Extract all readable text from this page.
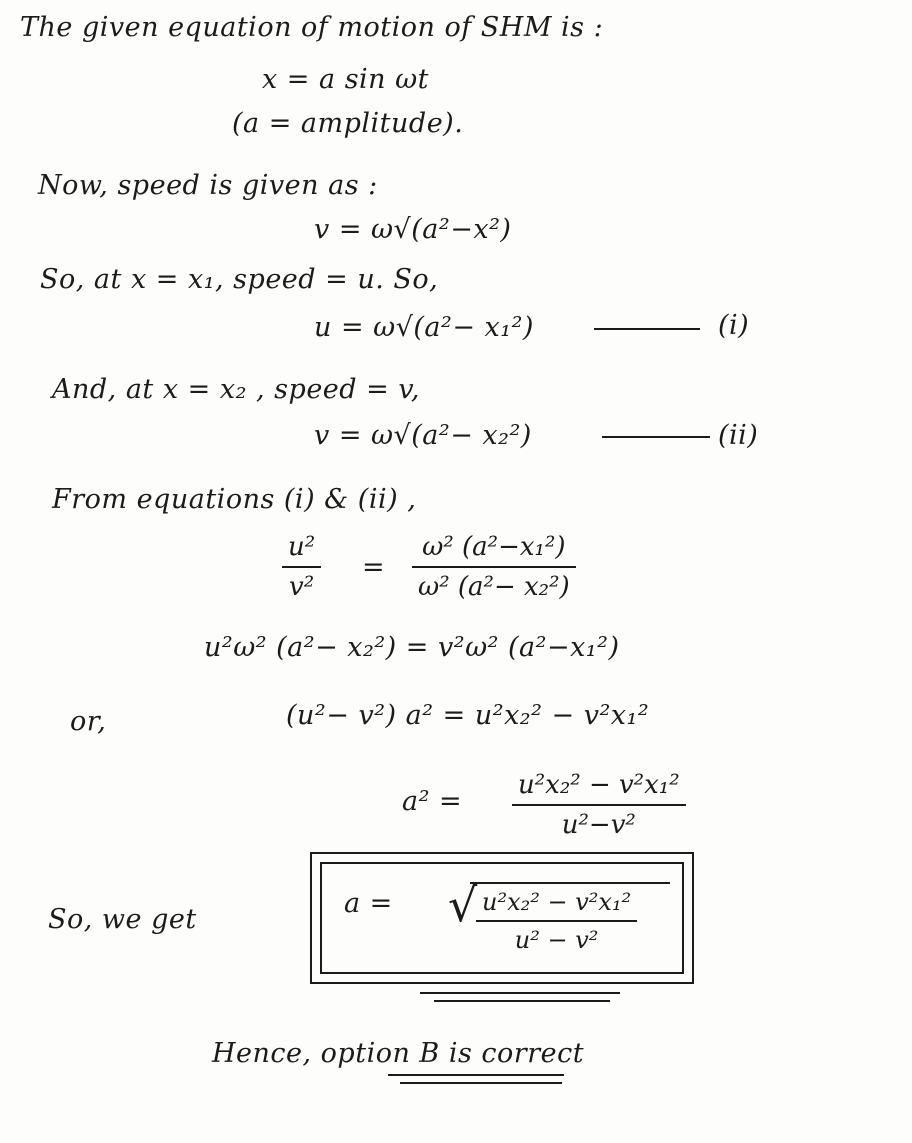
The given equation of motion of SHM is :
x = a sin ωt
(a = amplitude).
Now, speed is given as :
v = ω√(a²−x²)
So, at x = x₁, speed = u. So,
u = ω√(a²− x₁²)	(i)
And, at x = x₂ , speed = v,
v = ω√(a²− x₂²)	(ii)
From equations (i) & (ii) ,
u²
v²
=
ω² (a²−x₁²)
ω² (a²− x₂²)
u²ω² (a²− x₂²) = v²ω² (a²−x₁²)
or,	(u²− v²) a² = u²x₂² − v²x₁²
a² =
u²x₂² − v²x₁²
u²−v²
So, we get
a = √ u²x₂² − v²x₁²
u² − v²
Hence, option B is correct
